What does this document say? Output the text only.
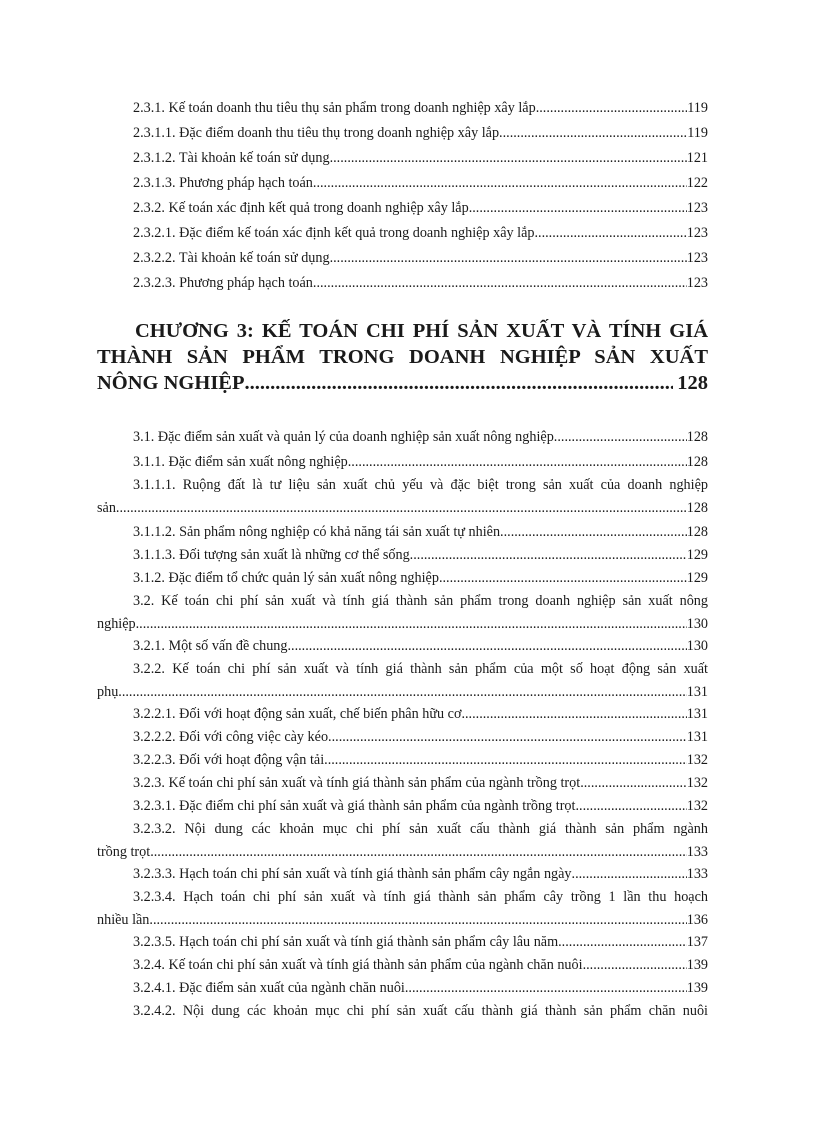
2.3.1. Kế toán doanh thu tiêu thụ sản phẩm trong doanh nghiệp xây lắp .....	119
2.3.1.1. Đặc điểm doanh thu tiêu thụ trong doanh nghiệp xây lắp .....	119
2.3.1.2. Tài khoản kế toán sử dụng .....	121
2.3.1.3. Phương pháp hạch toán .....	122
2.3.2. Kế toán xác định kết quả trong doanh nghiệp xây lắp .....	123
2.3.2.1. Đặc điểm kế toán xác định kết quả trong doanh nghiệp xây lắp .....	123
2.3.2.2. Tài khoản kế toán sử dụng .....	123
2.3.2.3. Phương pháp hạch toán .....	123
CHƯƠNG 3: KẾ TOÁN CHI PHÍ SẢN XUẤT VÀ TÍNH GIÁ
THÀNH SẢN PHẨM TRONG DOANH NGHIỆP SẢN XUẤT
NÔNG NGHIỆP .....	128
3.1. Đặc điểm sản xuất và quản lý của doanh nghiệp sản xuất nông nghiệp .....	128
3.1.1. Đặc điểm sản xuất nông nghiệp .....	128
3.1.1.1. Ruộng đất là tư liệu sản xuất chủ yếu và đặc biệt trong sản xuất của doanh nghiệp
sản .....	128
3.1.1.2. Sản phẩm nông nghiệp có khả năng tái sản xuất tự nhiên .....	128
3.1.1.3. Đối tượng sản xuất là những cơ thể sống .....	129
3.1.2. Đặc điểm tổ chức quản lý sản xuất nông nghiệp .....	129
3.2. Kế toán chi phí sản xuất và tính giá thành sản phẩm trong doanh nghiệp sản xuất nông
nghiệp .....	130
3.2.1. Một số vấn đề chung .....	130
3.2.2. Kế toán chi phí sản xuất và tính giá thành sản phẩm của một số hoạt động sản xuất
phụ .....	131
3.2.2.1. Đối với hoạt động sản xuất, chế biến phân hữu cơ .....	131
3.2.2.2. Đối với công việc cày kéo .....	131
3.2.2.3. Đối với hoạt động vận tải .....	132
3.2.3. Kế toán chi phí sản xuất và tính giá thành sản phẩm của ngành trồng trọt .....	132
3.2.3.1. Đặc điểm chi phí sản xuất và giá thành sản phẩm của ngành trồng trọt .....	132
3.2.3.2. Nội dung các khoản mục chi phí sản xuất cấu thành giá thành sản phẩm ngành
trồng trọt .....	133
3.2.3.3. Hạch toán chi phí sản xuất và tính giá thành sản phẩm cây ngắn ngày .....	133
3.2.3.4. Hạch toán chi phí sản xuất và tính giá thành sản phẩm cây trồng 1 lần thu hoạch
nhiều lần .....	136
3.2.3.5. Hạch toán chi phí sản xuất và tính giá thành sản phẩm cây lâu năm .....	137
3.2.4. Kế toán chi phí sản xuất và tính giá thành sản phẩm của ngành chăn nuôi .....	139
3.2.4.1. Đặc điểm sản xuất của ngành chăn nuôi .....	139
3.2.4.2. Nội dung các khoản mục chi phí sản xuất cấu thành giá thành sản phẩm chăn nuôi
